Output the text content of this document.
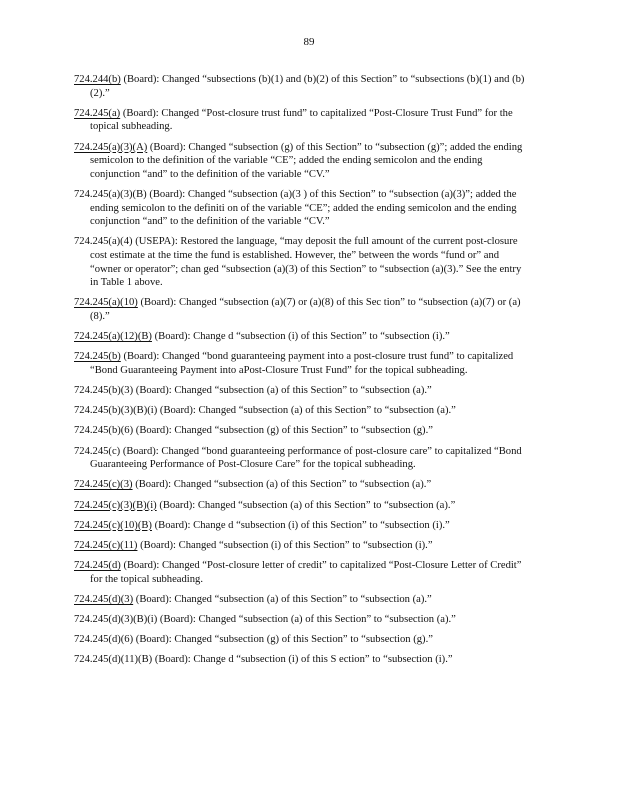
89

724.244(b) (Board): Changed “subsections (b)(1) and (b)(2) of this Section” to “subsections (b)(1) and (b)(2).”

724.245(a) (Board): Changed “Post-closure trust fund” to capitalized “Post-Closure Trust Fund” for the topical subheading.

724.245(a)(3)(A) (Board): Changed “subsection (g) of this Section” to “subsection (g)”; added the ending semicolon to the definition of the variable “CE”; added the ending semicolon and the ending conjunction “and” to the definition of the variable “CV.”

724.245(a)(3)(B) (Board): Changed “subsection (a)(3 ) of this Section” to “subsection (a)(3)”; added the ending semicolon to the definiti on of the variable “CE”; added the ending semicolon and the ending conjunction “and” to the definition of the variable “CV.”

724.245(a)(4) (USEPA): Restored the language, “may deposit the full amount of the current post-closure cost estimate at the time the fund is established. However, the” between the words “fund or” and “owner or operator”; chan ged “subsection (a)(3) of this Section” to “subsection (a)(3).” See the entry in Table 1 above.

724.245(a)(10) (Board): Changed “subsection (a)(7) or (a)(8) of this Sec tion” to “subsection (a)(7) or (a)(8).”

724.245(a)(12)(B) (Board): Change d “subsection (i) of this Section” to “subsection (i).”

724.245(b) (Board): Changed “bond guaranteeing payment into a post-closure trust fund” to capitalized “Bond Guaranteeing Payment into aPost-Closure Trust Fund” for the topical subheading.

724.245(b)(3) (Board): Changed “subsection (a) of this Section” to “subsection (a).”

724.245(b)(3)(B)(i) (Board): Changed “subsection (a) of this Section” to “subsection (a).”

724.245(b)(6) (Board): Changed “subsection (g) of this Section” to “subsection (g).”

724.245(c) (Board): Changed “bond guaranteeing performance of post-closure care” to capitalized “Bond Guaranteeing Performance of Post-Closure Care” for the topical subheading.

724.245(c)(3) (Board): Changed “subsection (a) of this Section” to “subsection (a).”

724.245(c)(3)(B)(i) (Board): Changed “subsection (a) of this Section” to “subsection (a).”

724.245(c)(10)(B) (Board): Change d “subsection (i) of this Section” to “subsection (i).”

724.245(c)(11) (Board): Changed “subsection (i) of this Section” to “subsection (i).”

724.245(d) (Board): Changed “Post-closure letter of credit” to capitalized “Post-Closure Letter of Credit” for the topical subheading.

724.245(d)(3) (Board): Changed “subsection (a) of this Section” to “subsection (a).”

724.245(d)(3)(B)(i) (Board): Changed “subsection (a) of this Section” to “subsection (a).”

724.245(d)(6) (Board): Changed “subsection (g) of this Section” to “subsection (g).”

724.245(d)(11)(B) (Board): Change d “subsection (i) of this S ection” to “subsection (i).”
